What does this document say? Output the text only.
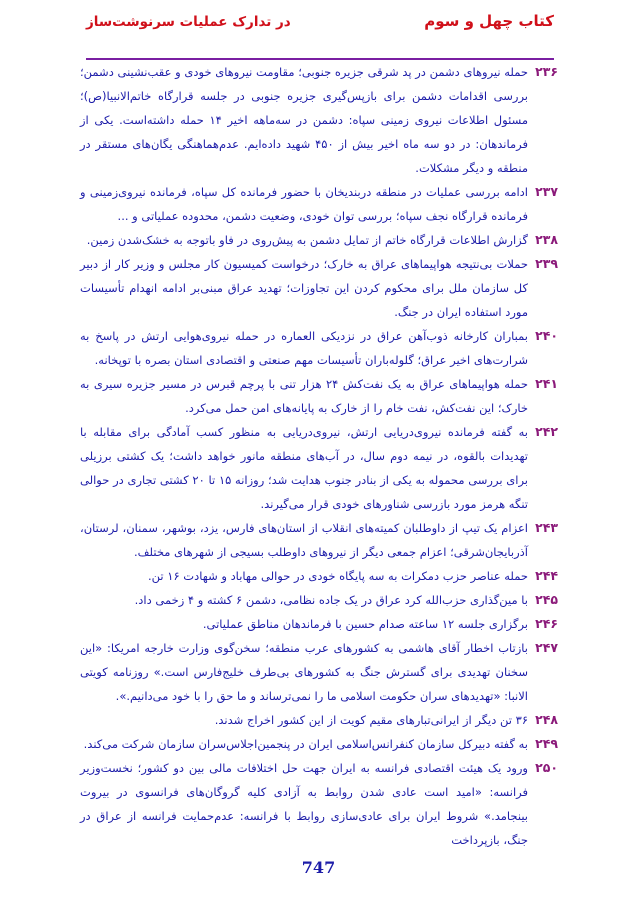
کتاب چهل و سوم
در تدارک عملیات سرنوشت‌ساز
۲۳۶
حمله نیروهای دشمن در پد شرقی جزیره جنوبی؛ مقاومت نیروهای خودی و عقب‌نشینی دشمن؛ بررسی اقدامات دشمن برای بازپس‌گیری جزیره جنوبی در جلسه قرارگاه خاتم‌الانبیا(ص)؛ مسئول اطلاعات نیروی زمینی سپاه: دشمن در سه‌ماهه اخیر ۱۴ حمله داشته‌است. یکی از فرماندهان: در دو سه ماه اخیر بیش از ۴۵۰ شهید داده‌ایم. عدم‌هماهنگی یگان‌های مستقر در منطقه و دیگر مشکلات.
۲۳۷
ادامه بررسی عملیات در منطقه دربندیخان با حضور فرمانده کل سپاه، فرمانده نیروی‌زمینی و فرمانده قرارگاه نجف سپاه؛ بررسی توان خودی، وضعیت دشمن، محدوده عملیاتی و ...
۲۳۸
گزارش اطلاعات قرارگاه خاتم از تمایل دشمن به پیش‌روی در فاو باتوجه به خشک‌شدن زمین.
۲۳۹
حملات بی‌نتیجه هواپیماهای عراق به خارک؛ درخواست کمیسیون کار مجلس و وزیر کار از دبیر کل سازمان ملل برای محکوم کردن این تجاوزات؛ تهدید عراق مبنی‌بر ادامه انهدام تأسیسات مورد استفاده ایران در جنگ.
۲۴۰
بمباران کارخانه ذوب‌آهن عراق در نزدیکی العماره در حمله نیروی‌هوایی ارتش در پاسخ به شرارت‌های اخیر عراق؛ گلوله‌باران تأسیسات مهم صنعتی و اقتصادی استان بصره با توپخانه.
۲۴۱
حمله هواپیماهای عراق به یک نفت‌کش ۲۴ هزار تنی با پرچم قبرس در مسیر جزیره سیری به خارک؛ این نفت‌کش، نفت خام را از خارک به پایانه‌های امن حمل می‌کرد.
۲۴۲
به گفته فرمانده نیروی‌دریایی ارتش، نیروی‌دریایی به منظور کسب آمادگی برای مقابله با تهدیدات بالقوه، در نیمه دوم سال، در آب‌های منطقه مانور خواهد داشت؛ یک کشتی برزیلی برای بررسی محموله به یکی از بنادر جنوب هدایت شد؛ روزانه ۱۵ تا ۲۰ کشتی تجاری در حوالی تنگه هرمز مورد بازرسی شناورهای خودی قرار می‌گیرند.
۲۴۳
اعزام یک تیپ از داوطلبان کمیته‌های انقلاب از استان‌های فارس، یزد، بوشهر، سمنان، لرستان، آذربایجان‌شرقی؛ اعزام جمعی دیگر از نیروهای داوطلب بسیجی از شهرهای مختلف.
۲۴۴
حمله عناصر حزب دمکرات به سه پایگاه خودی در حوالی مهاباد و شهادت ۱۶ تن.
۲۴۵
با مین‌گذاری حزب‌الله کرد عراق در یک جاده نظامی، دشمن ۶ کشته و ۴ زخمی داد.
۲۴۶
برگزاری جلسه ۱۲ ساعته صدام حسین با فرماندهان مناطق عملیاتی.
۲۴۷
بازتاب اخطار آقای هاشمی به کشورهای عرب منطقه؛ سخن‌گوی وزارت خارجه امریکا: «این سخنان تهدیدی برای گسترش جنگ به کشورهای بی‌طرف خلیج‌فارس است.» روزنامه کویتی الانبا: «تهدیدهای سران حکومت اسلامی ما را نمی‌ترساند و ما حق را با خود می‌دانیم.».
۲۴۸
۳۶ تن دیگر از ایرانی‌تبارهای مقیم کویت از این کشور اخراج شدند.
۲۴۹
به گفته دبیرکل سازمان کنفرانس‌اسلامی ایران در پنجمین‌اجلاس‌سران سازمان شرکت می‌کند.
۲۵۰
ورود یک هیئت اقتصادی فرانسه به ایران جهت حل اختلافات مالی بین دو کشور؛ نخست‌وزیر فرانسه: «امید است عادی شدن روابط به آزادی کلیه گروگان‌های فرانسوی در بیروت بینجامد.» شروط ایران برای عادی‌سازی روابط با فرانسه: عدم‌حمایت فرانسه از عراق در جنگ، بازپرداخت
747
